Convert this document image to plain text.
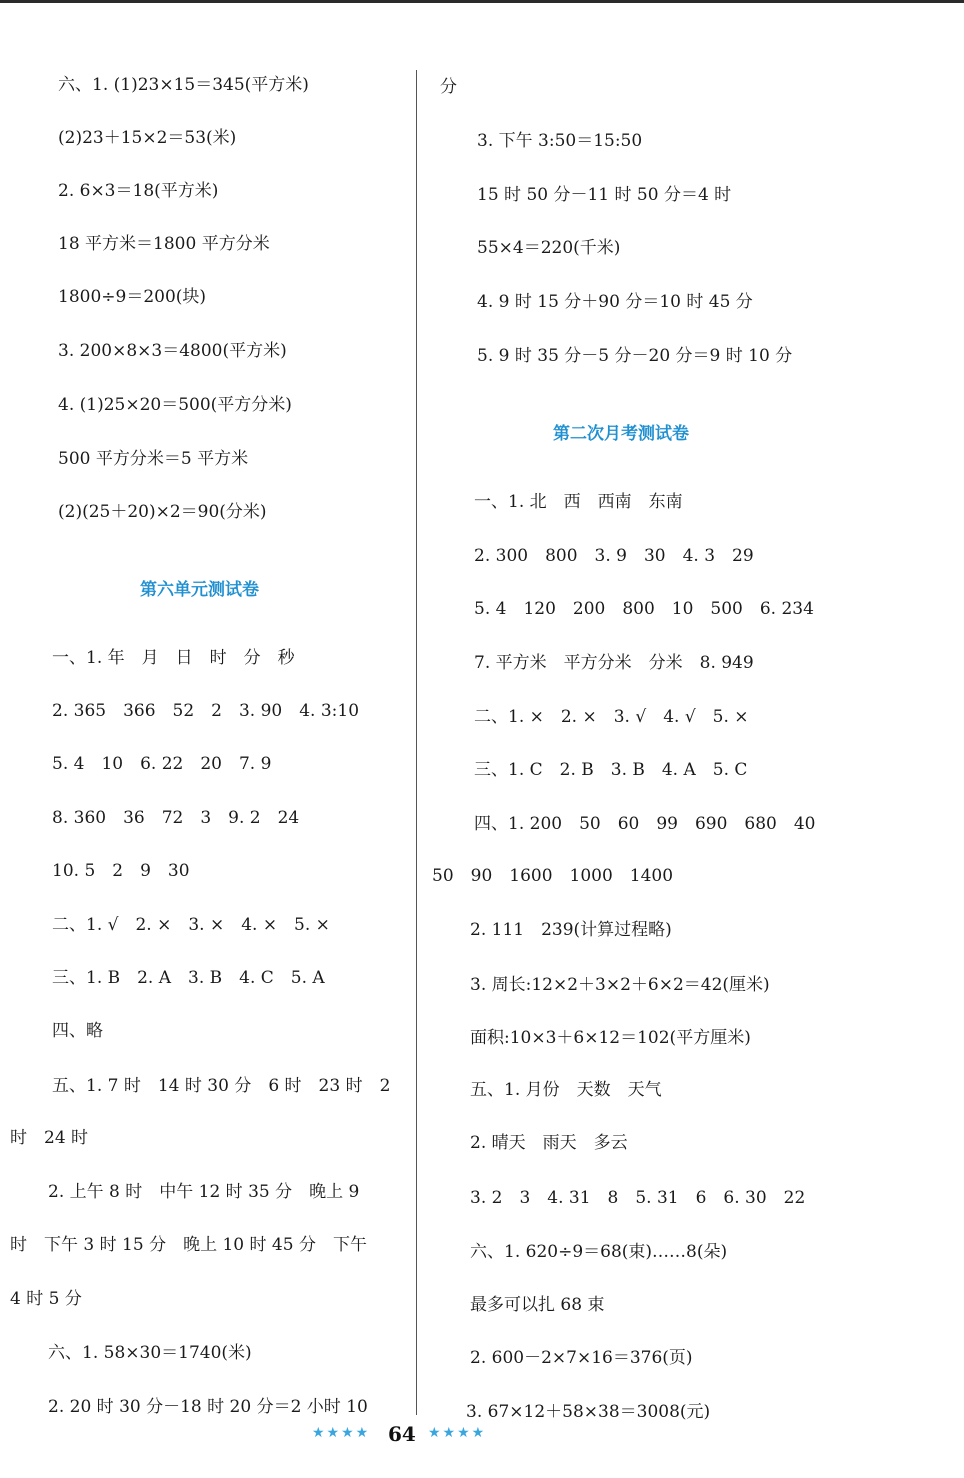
六、1. (1)23×15＝345(平方米)
(2)23＋15×2＝53(米)
2. 6×3＝18(平方米)
18 平方米＝1800 平方分米
1800÷9＝200(块)
3. 200×8×3＝4800(平方米)
4. (1)25×20＝500(平方分米)
500 平方分米＝5 平方米
(2)(25＋20)×2＝90(分米)
第六单元测试卷
一、1. 年　月　日　时　分　秒
2. 365　366　52　2　3. 90　4. 3:10
5. 4　10　6. 22　20　7. 9
8. 360　36　72　3　9. 2　24
10. 5　2　9　30
二、1. √　2. ×　3. ×　4. ×　5. ×
三、1. B　2. A　3. B　4. C　5. A
四、略
五、1. 7 时　14 时 30 分　6 时　23 时　2
时　24 时
2. 上午 8 时　中午 12 时 35 分　晚上 9
时　下午 3 时 15 分　晚上 10 时 45 分　下午
4 时 5 分
六、1. 58×30＝1740(米)
2. 20 时 30 分－18 时 20 分＝2 小时 10
分
3. 下午 3:50＝15:50
15 时 50 分－11 时 50 分＝4 时
55×4＝220(千米)
4. 9 时 15 分＋90 分＝10 时 45 分
5. 9 时 35 分－5 分－20 分＝9 时 10 分
第二次月考测试卷
一、1. 北　西　西南　东南
2. 300　800　3. 9　30　4. 3　29
5. 4　120　200　800　10　500　6. 234
7. 平方米　平方分米　分米　8. 949
二、1. ×　2. ×　3. √　4. √　5. ×
三、1. C　2. B　3. B　4. A　5. C
四、1. 200　50　60　99　690　680　40
50　90　1600　1000　1400
2. 111　239(计算过程略)
3. 周长:12×2＋3×2＋6×2＝42(厘米)
面积:10×3＋6×12＝102(平方厘米)
五、1. 月份　天数　天气
2. 晴天　雨天　多云
3. 2　3　4. 31　8　5. 31　6　6. 30　22
六、1. 620÷9＝68(束)……8(朵)
最多可以扎 68 束
2. 600－2×7×16＝376(页)
3. 67×12＋58×38＝3008(元)
★★★★ 64 ★★★★
